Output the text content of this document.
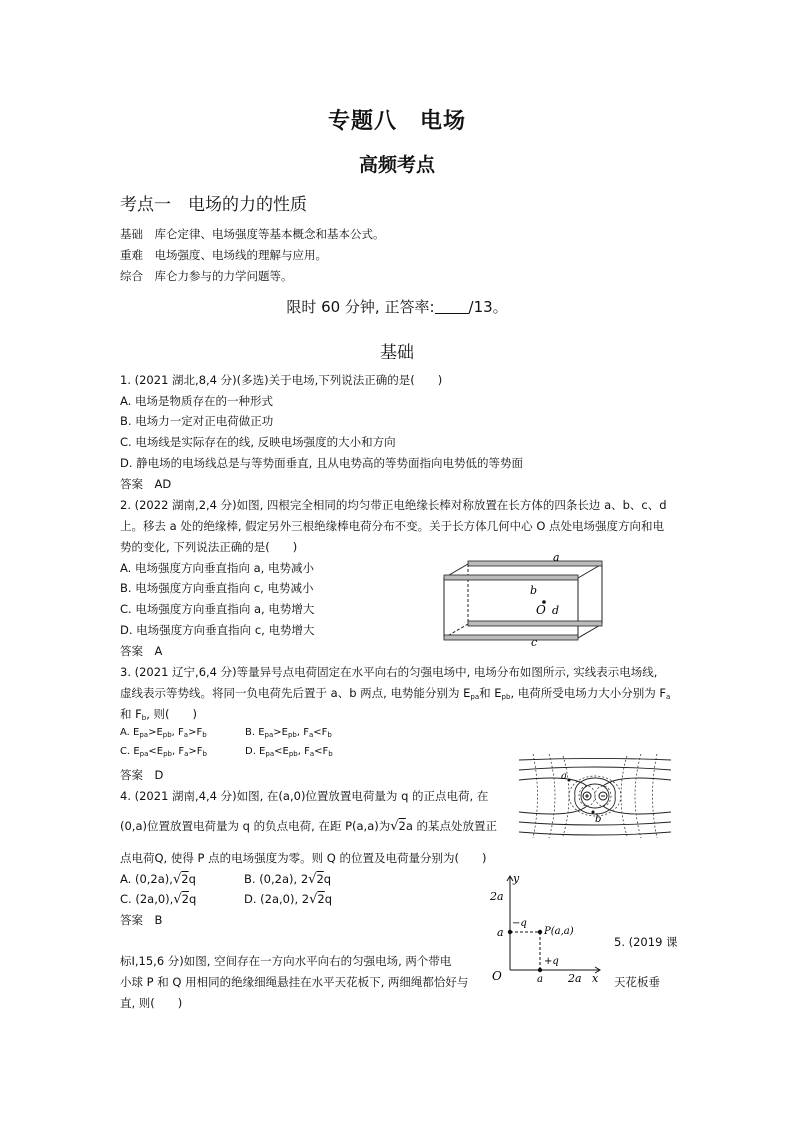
专题八　电场
高频考点
考点一　电场的力的性质
基础　库仑定律、电场强度等基本概念和基本公式。
重难　电场强度、电场线的理解与应用。
综合　库仑力参与的力学问题等。
限时 60 分钟, 正答率: /13。
基础
1. (2021 湖北,8,4 分)(多选)关于电场,下列说法正确的是(　　)
A. 电场是物质存在的一种形式
B. 电场力一定对正电荷做正功
C. 电场线是实际存在的线, 反映电场强度的大小和方向
D. 静电场的电场线总是与等势面垂直, 且从电势高的等势面指向电势低的等势面
答案　AD
2. (2022 湖南,2,4 分)如图, 四根完全相同的均匀带正电绝缘长棒对称放置在长方体的四条长边 a、b、c、d
上。移去 a 处的绝缘棒, 假定另外三根绝缘棒电荷分布不变。关于长方体几何中心 O 点处电场强度方向和电
势的变化, 下列说法正确的是(　　)
A. 电场强度方向垂直指向 a, 电势减小
B. 电场强度方向垂直指向 c, 电势减小
C. 电场强度方向垂直指向 a, 电势增大
D. 电场强度方向垂直指向 c, 电势增大
答案　A
a
b
O d
c
3. (2021 辽宁,6,4 分)等量异号点电荷固定在水平向右的匀强电场中, 电场分布如图所示, 实线表示电场线,
虚线表示等势线。将同一负电荷先后置于 a、b 两点, 电势能分别为 $E_{pa}$和 $E_{pb}$, 电荷所受电场力大小分别为 $F_a$
和 $F_b$, 则(　　)
A. $E_{pa}>E_{pb}$, $F_a>F_b$	B. $E_{pa}>E_{pb}$, $F_a<F_b$
C. $E_{pa}<E_{pb}$, $F_a>F_b$	D. $E_{pa}<E_{pb}$, $F_a<F_b$
答案　D	a
b
4. (2021 湖南,4,4 分)如图, 在(a,0)位置放置电荷量为 q 的正点电荷, 在
(0,a)位置放置电荷量为 q 的负点电荷, 在距 P(a,a)为√2a 的某点处放置正
点电荷Q, 使得 P 点的电场强度为零。则 Q 的位置及电荷量分别为(　　)
A. (0,2a),√2q	B. (0,2a), 2√2q
C. (2a,0),√2q	D. (2a,0), 2√2q
答案　B
y
x
O
2a
a
−q
P(a,a)
+q
a 2a
5. (2019 课
标Ⅰ,15,6 分)如图, 空间存在一方向水平向右的匀强电场, 两个带电
小球 P 和 Q 用相同的绝缘细绳悬挂在水平天花板下, 两细绳都恰好与	天花板垂
直, 则(　　)
